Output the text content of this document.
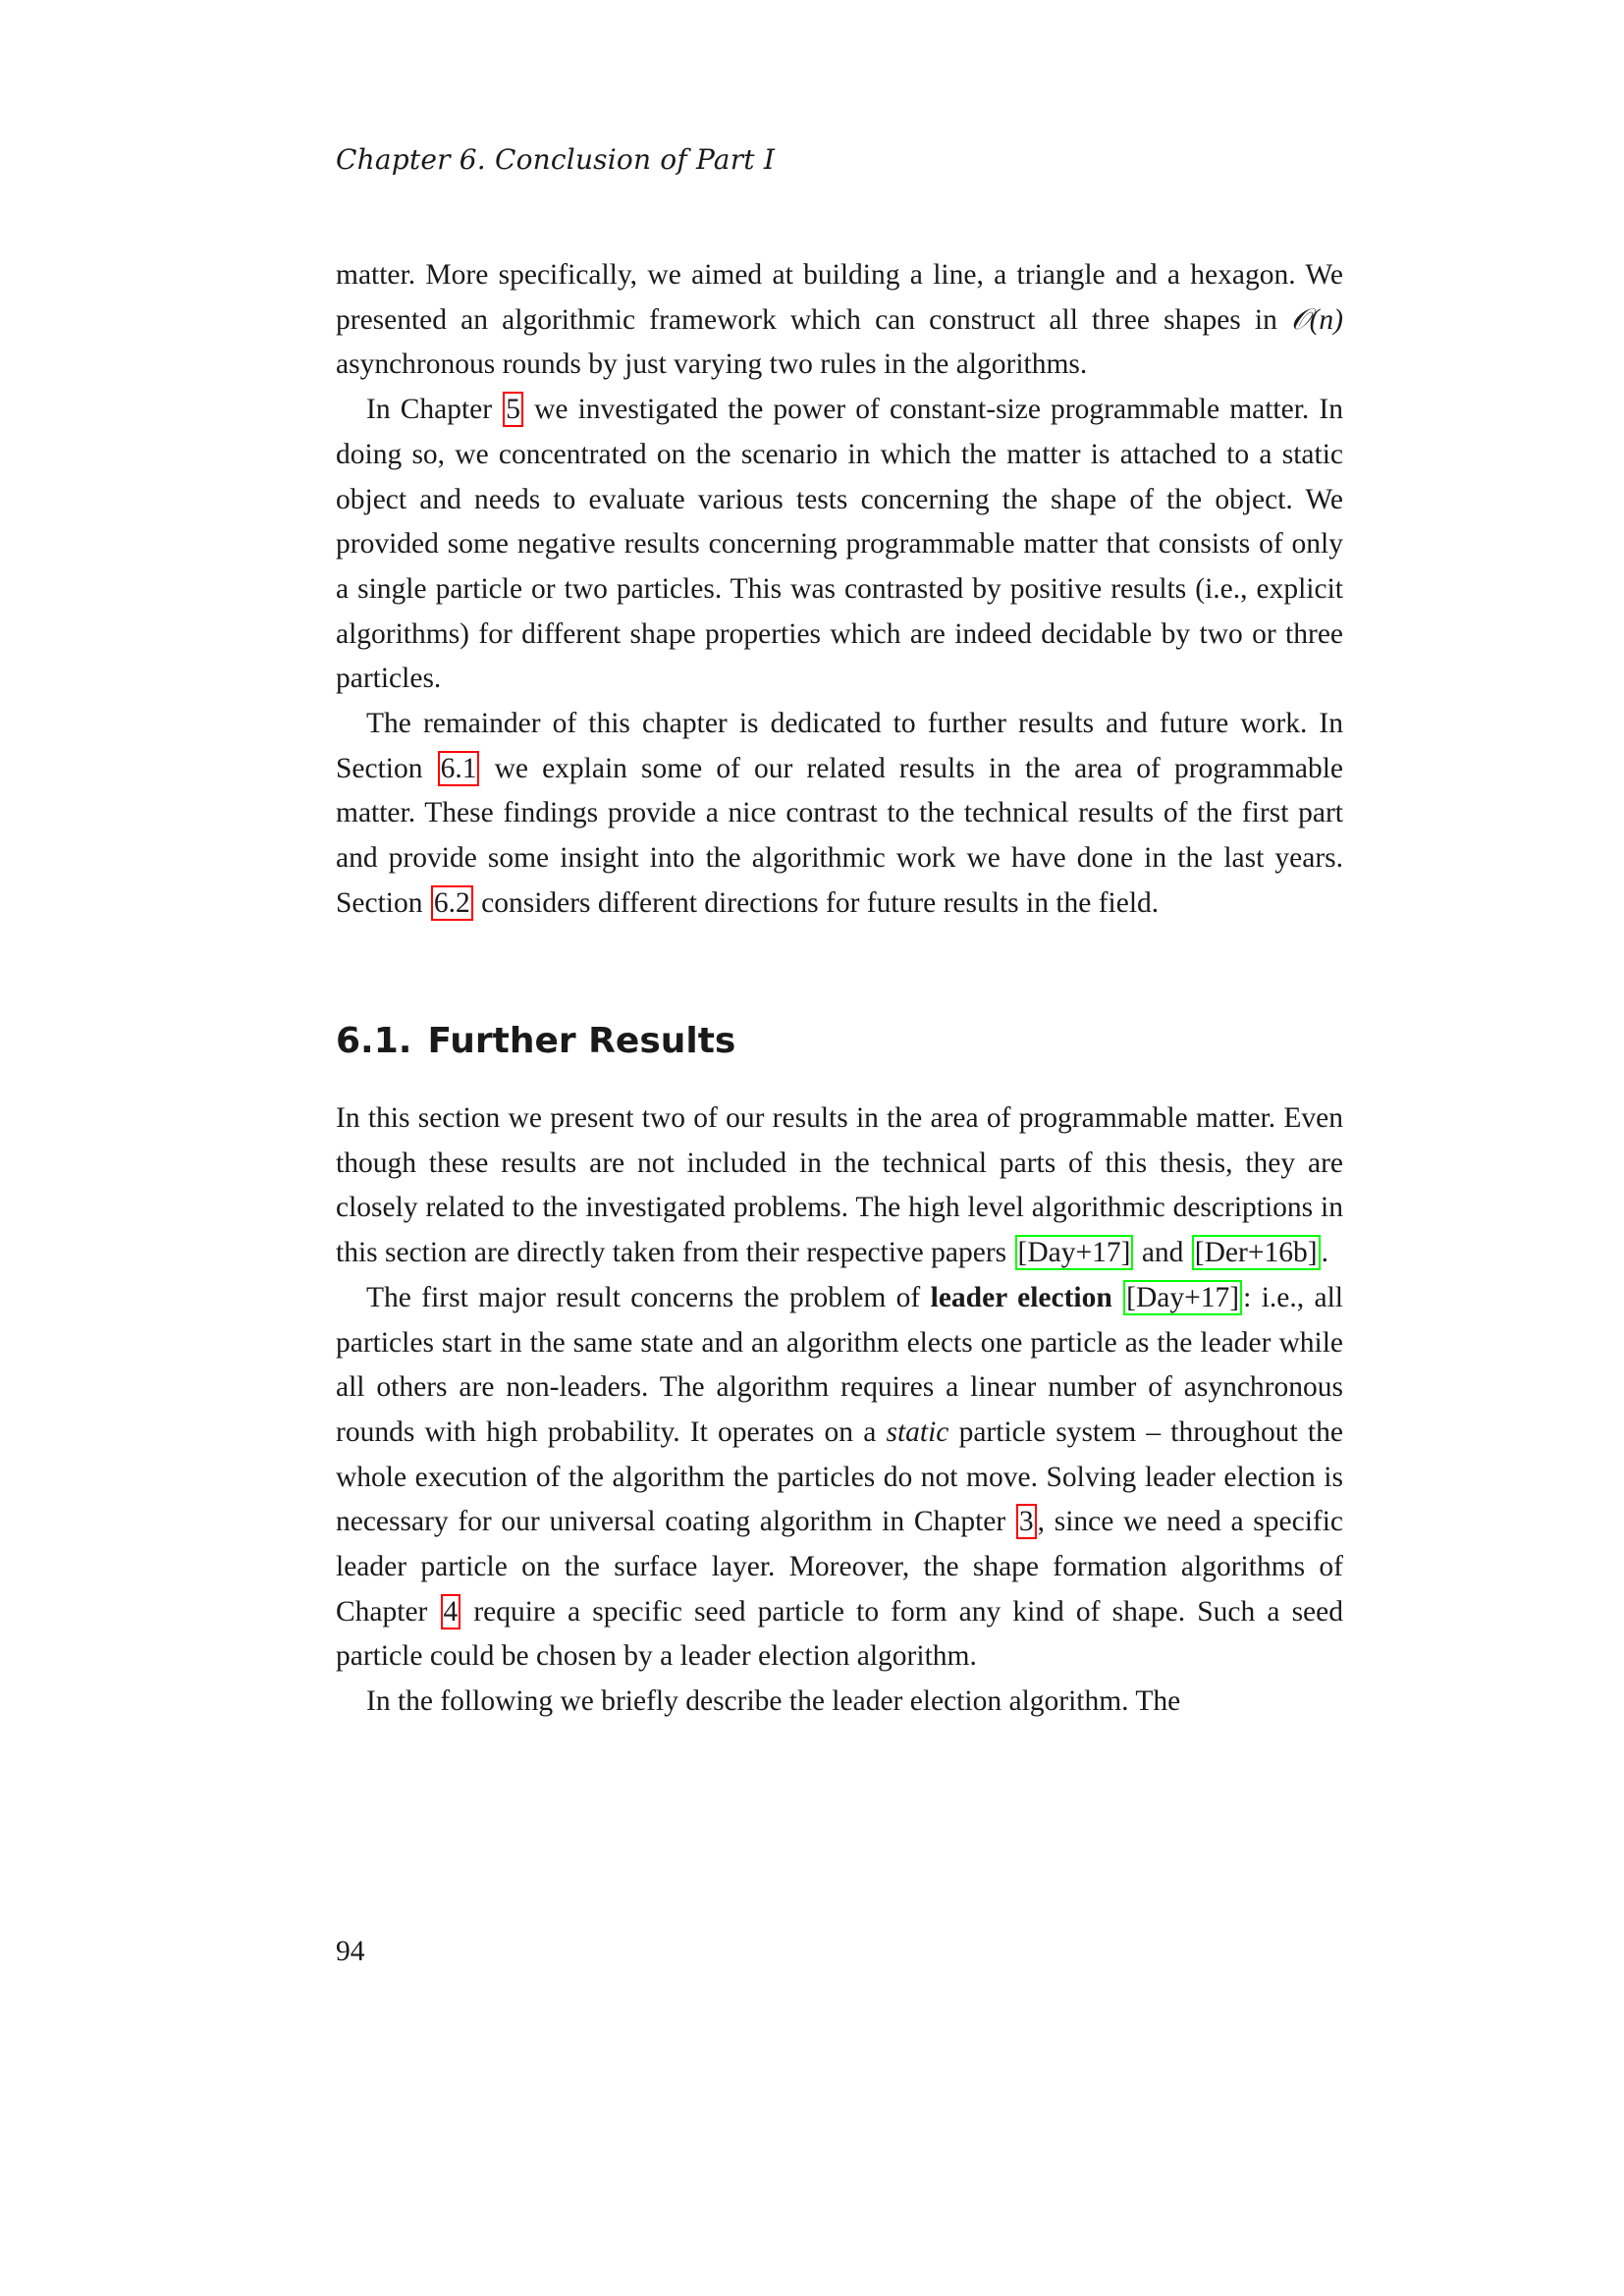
Chapter 6. Conclusion of Part I

matter. More specifically, we aimed at building a line, a triangle and a hexagon. We presented an algorithmic framework which can construct all three shapes in 𝒪(n) asynchronous rounds by just varying two rules in the algorithms.

In Chapter 5 we investigated the power of constant-size programmable matter. In doing so, we concentrated on the scenario in which the matter is attached to a static object and needs to evaluate various tests concerning the shape of the object. We provided some negative results concerning programmable matter that consists of only a single particle or two particles. This was contrasted by positive results (i.e., explicit algorithms) for different shape properties which are indeed decidable by two or three particles.

The remainder of this chapter is dedicated to further results and future work. In Section 6.1 we explain some of our related results in the area of programmable matter. These findings provide a nice contrast to the technical results of the first part and provide some insight into the algorithmic work we have done in the last years. Section 6.2 considers different directions for future results in the field.

6.1. Further Results

In this section we present two of our results in the area of programmable matter. Even though these results are not included in the technical parts of this thesis, they are closely related to the investigated problems. The high level algorithmic descriptions in this section are directly taken from their respective papers [Day+17] and [Der+16b] .

The first major result concerns the problem of leader election [Day+17] : i.e., all particles start in the same state and an algorithm elects one particle as the leader while all others are non-leaders. The algorithm requires a linear number of asynchronous rounds with high probability. It operates on a static particle system – throughout the whole execution of the algorithm the particles do not move. Solving leader election is necessary for our universal coating algorithm in Chapter 3 , since we need a specific leader particle on the surface layer. Moreover, the shape formation algorithms of Chapter 4 require a specific seed particle to form any kind of shape. Such a seed particle could be chosen by a leader election algorithm.

In the following we briefly describe the leader election algorithm. The

94
